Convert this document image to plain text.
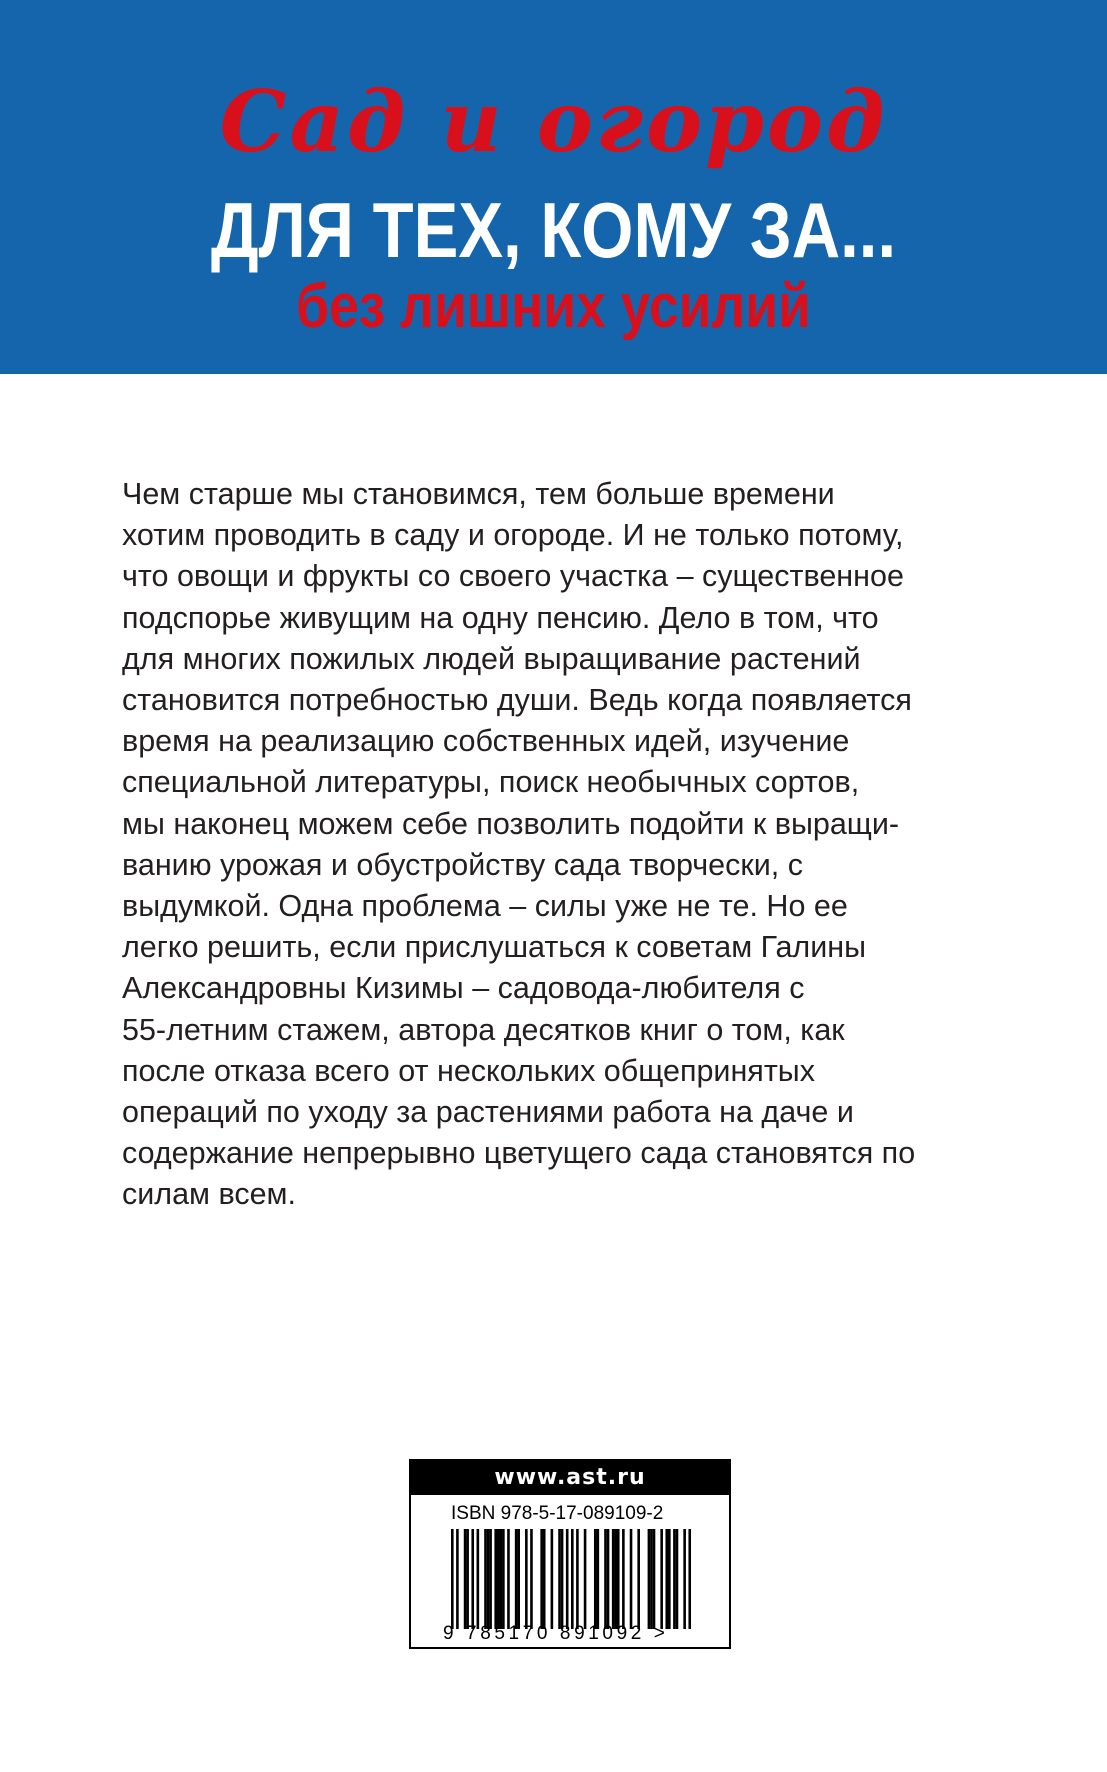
Сад и огород
ДЛЯ ТЕХ, КОМУ ЗА...
без лишних усилий

Чем старше мы становимся, тем больше времени
хотим проводить в саду и огороде. И не только потому,
что овощи и фрукты со своего участка – существенное
подспорье живущим на одну пенсию. Дело в том, что
для многих пожилых людей выращивание растений
становится потребностью души. Ведь когда появляется
время на реализацию собственных идей, изучение
специальной литературы, поиск необычных сортов,
мы наконец можем себе позволить подойти к выращи-
ванию урожая и обустройству сада творчески, с
выдумкой. Одна проблема – силы уже не те. Но ее
легко решить, если прислушаться к советам Галины
Александровны Кизимы – садовода-любителя с
55-летним стажем, автора десятков книг о том, как
после отказа всего от нескольких общепринятых
операций по уходу за растениями работа на даче и
содержание непрерывно цветущего сада становятся по
силам всем.

www.ast.ru
ISBN 978-5-17-089109-2
9 785170 891092 >
